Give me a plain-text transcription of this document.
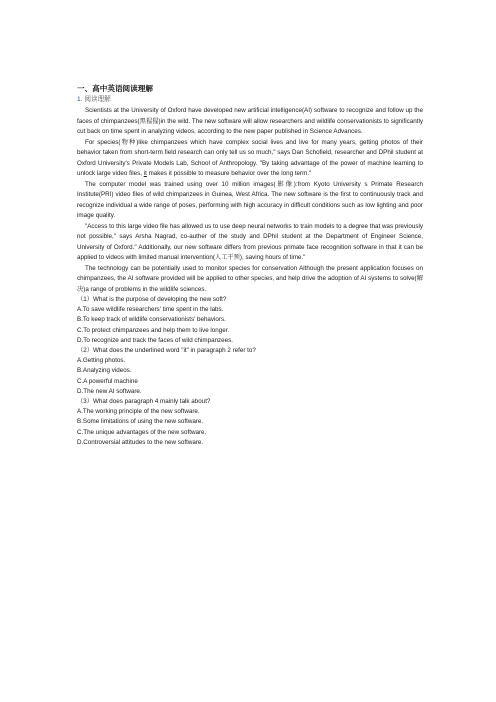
一、高中英语阅读理解
1. 阅读理解

Scientists at the University of Oxford have developed new artificial intelligence(AI) software to recognize and follow up the faces of chimpanzees(黑猩猩)in the wild. The new software will allow researchers and wildlife conservationists to significantly cut back on time spent in analyzing videos, according to the new paper published in Science Advances.

For species(物种)like chimpanzees which have complex social lives and live for many years, getting photos of their behavior taken from short-term field research can only tell us so much," says Dan Schofield, researcher and DPhil student at Oxford University's Private Models Lab, School of Anthropology. "By taking advantage of the power of machine learning to unlock large video files, it makes it possible to measure behavior over the long term."

The computer model was trained using over 10 million images(影像):from Kyoto University s Primate Research Institute(PRI) video files of wild chimpanzees in Guinea, West Africa. The new software is the first to continuously track and recognize individual a wide range of poses, performing with high accuracy in difficult conditions such as low lighting and poor image quality.

"Access to this large video file has allowed us to use deep neural networks to train models to a degree that was previously not possible," says Arsha Nagrad, co-auther of the study and DPhil student at the Department of Engineer Science, University of Oxford." Additionally, our new software differs from previous primate face recognition software in that it can be applied to videos with limited manual intervention(人工干预), saving hours of time."

The technology can be potentially used to monitor species for conservation Although the present application focuses on chimpanzees, the AI software provided will be applied to other species, and help drive the adoption of AI systems to solve(解决)a range of problems in the wildlife sciences.

（1）What is the purpose of developing the new soft?

A.To save wildlife researchers' time spent in the labs.

B.To keep track of wildlife conservationists' behaviors.

C.To protect chimpanzees and help them to live longer.

D.To recognize and track the faces of wild chimpanzees.

（2）What does the underlined word "it" in paragraph 2 refer to?

A.Getting photos.

B.Analyzing videos.

C.A powerful machine

D.The new AI software.

（3）What does paragraph 4 mainly talk about?

A.The working principle of the new software.

B.Some limitations of using the new software.

C.The unique advantages of the new software.

D.Controversial attitudes to the new software.
